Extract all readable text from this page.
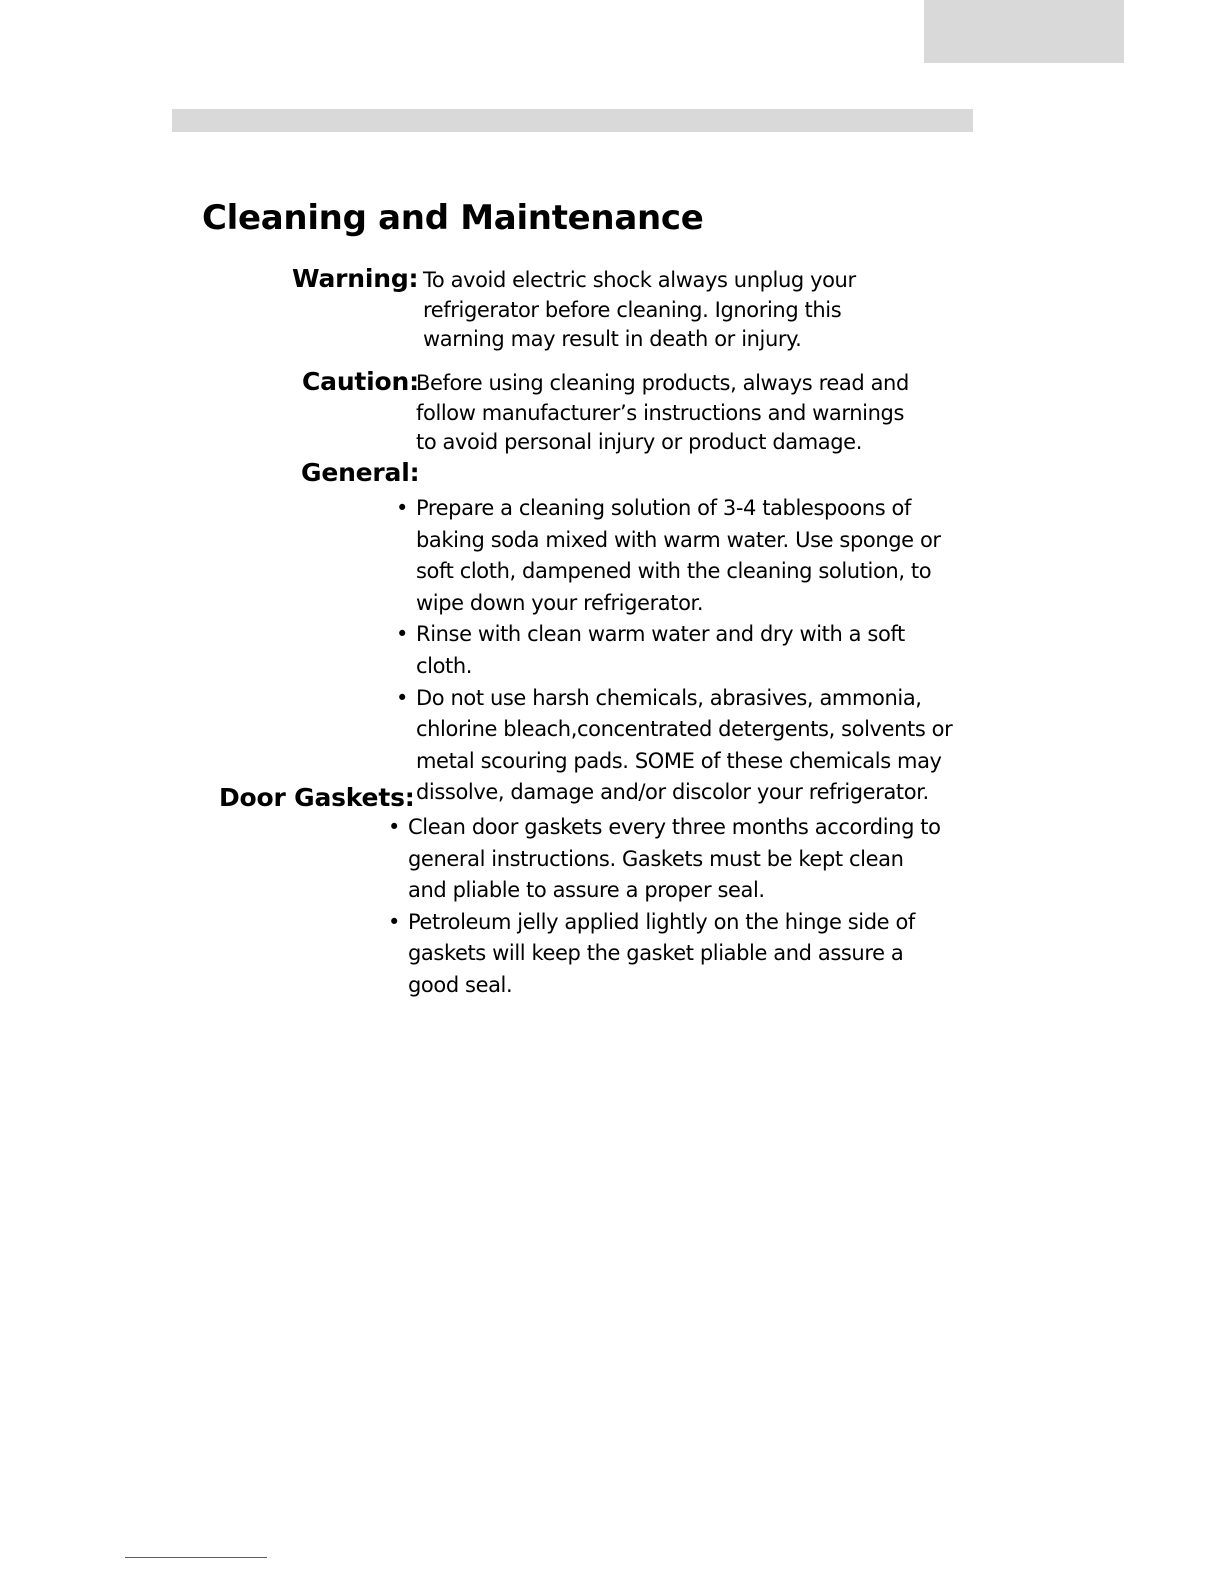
Cleaning and Maintenance
Warning: To avoid electric shock always unplug your refrigerator before cleaning. Ignoring this warning may result in death or injury.

Caution:

Before using cleaning products, always read and follow manufacturer’s instructions and warnings to avoid personal injury or product damage.

General:
• Prepare a cleaning solution of 3-4 tablespoons of baking soda mixed with warm water. Use sponge or soft cloth, dampened with the cleaning solution, to wipe down your refrigerator.
• Rinse with clean warm water and dry with a soft cloth.
• Do not use harsh chemicals, abrasives, ammonia, chlorine bleach,concentrated detergents, solvents or metal scouring pads. SOME of these chemicals may dissolve, damage and/or discolor your refrigerator.
Door Gaskets:
• Clean door gaskets every three months according to general instructions. Gaskets must be kept clean and pliable to assure a proper seal.
• Petroleum jelly applied lightly on the hinge side of gaskets will keep the gasket pliable and assure a good seal.
